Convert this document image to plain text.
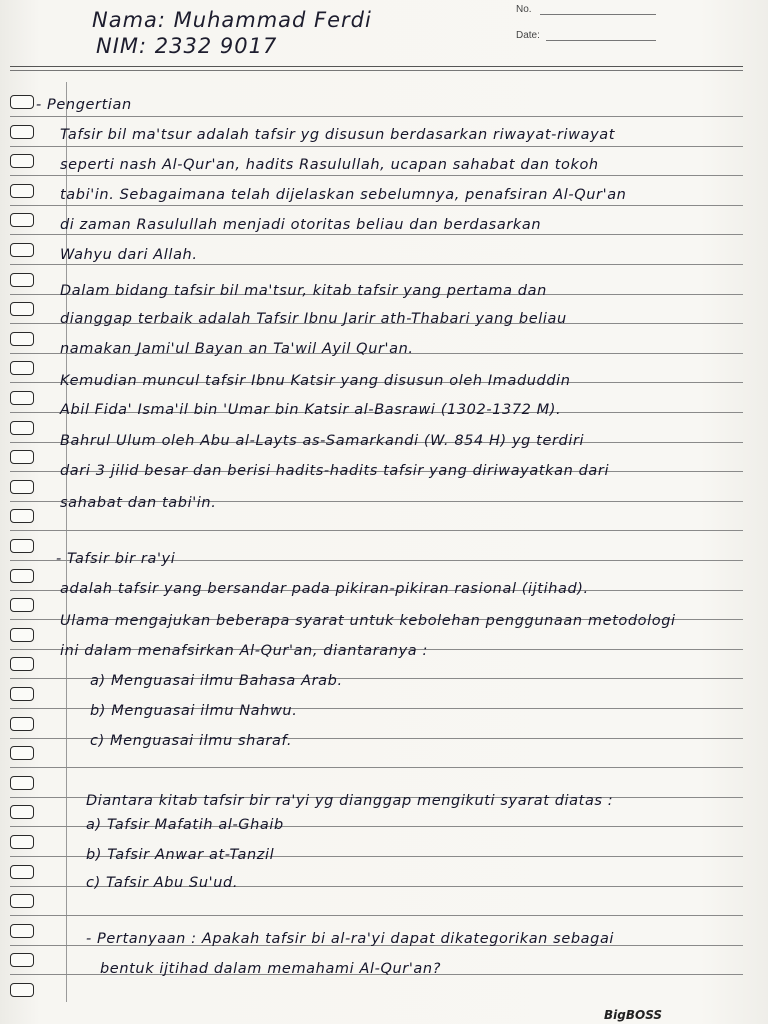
Nama: Muhammad Ferdi
NIM: 2332 9017
No.
Date:
- Pengertian
Tafsir bil ma'tsur adalah tafsir yg disusun berdasarkan riwayat-riwayat
seperti nash Al-Qur'an, hadits Rasulullah, ucapan sahabat dan tokoh
tabi'in. Sebagaimana telah dijelaskan sebelumnya, penafsiran Al-Qur'an
di zaman Rasulullah menjadi otoritas beliau dan berdasarkan
Wahyu dari Allah.
Dalam bidang tafsir bil ma'tsur, kitab tafsir yang pertama dan
dianggap terbaik adalah Tafsir Ibnu Jarir ath-Thabari yang beliau
namakan Jami'ul Bayan an Ta'wil Ayil Qur'an.
Kemudian muncul tafsir Ibnu Katsir yang disusun oleh Imaduddin
Abil Fida' Isma'il bin 'Umar bin Katsir al-Basrawi (1302-1372 M).
Bahrul Ulum oleh Abu al-Layts as-Samarkandi (W. 854 H) yg terdiri
dari 3 jilid besar dan berisi hadits-hadits tafsir yang diriwayatkan dari
sahabat dan tabi'in.
- Tafsir bir ra'yi
adalah tafsir yang bersandar pada pikiran-pikiran rasional (ijtihad).
Ulama mengajukan beberapa syarat untuk kebolehan penggunaan metodologi
ini dalam menafsirkan Al-Qur'an, diantaranya :
a) Menguasai ilmu Bahasa Arab.
b) Menguasai ilmu Nahwu.
c) Menguasai ilmu sharaf.
Diantara kitab tafsir bir ra'yi yg dianggap mengikuti syarat diatas :
a) Tafsir Mafatih al-Ghaib
b) Tafsir Anwar at-Tanzil
c) Tafsir Abu Su'ud.
- Pertanyaan : Apakah tafsir bi al-ra'yi dapat dikategorikan sebagai
bentuk ijtihad dalam memahami Al-Qur'an?
BigBOSS
